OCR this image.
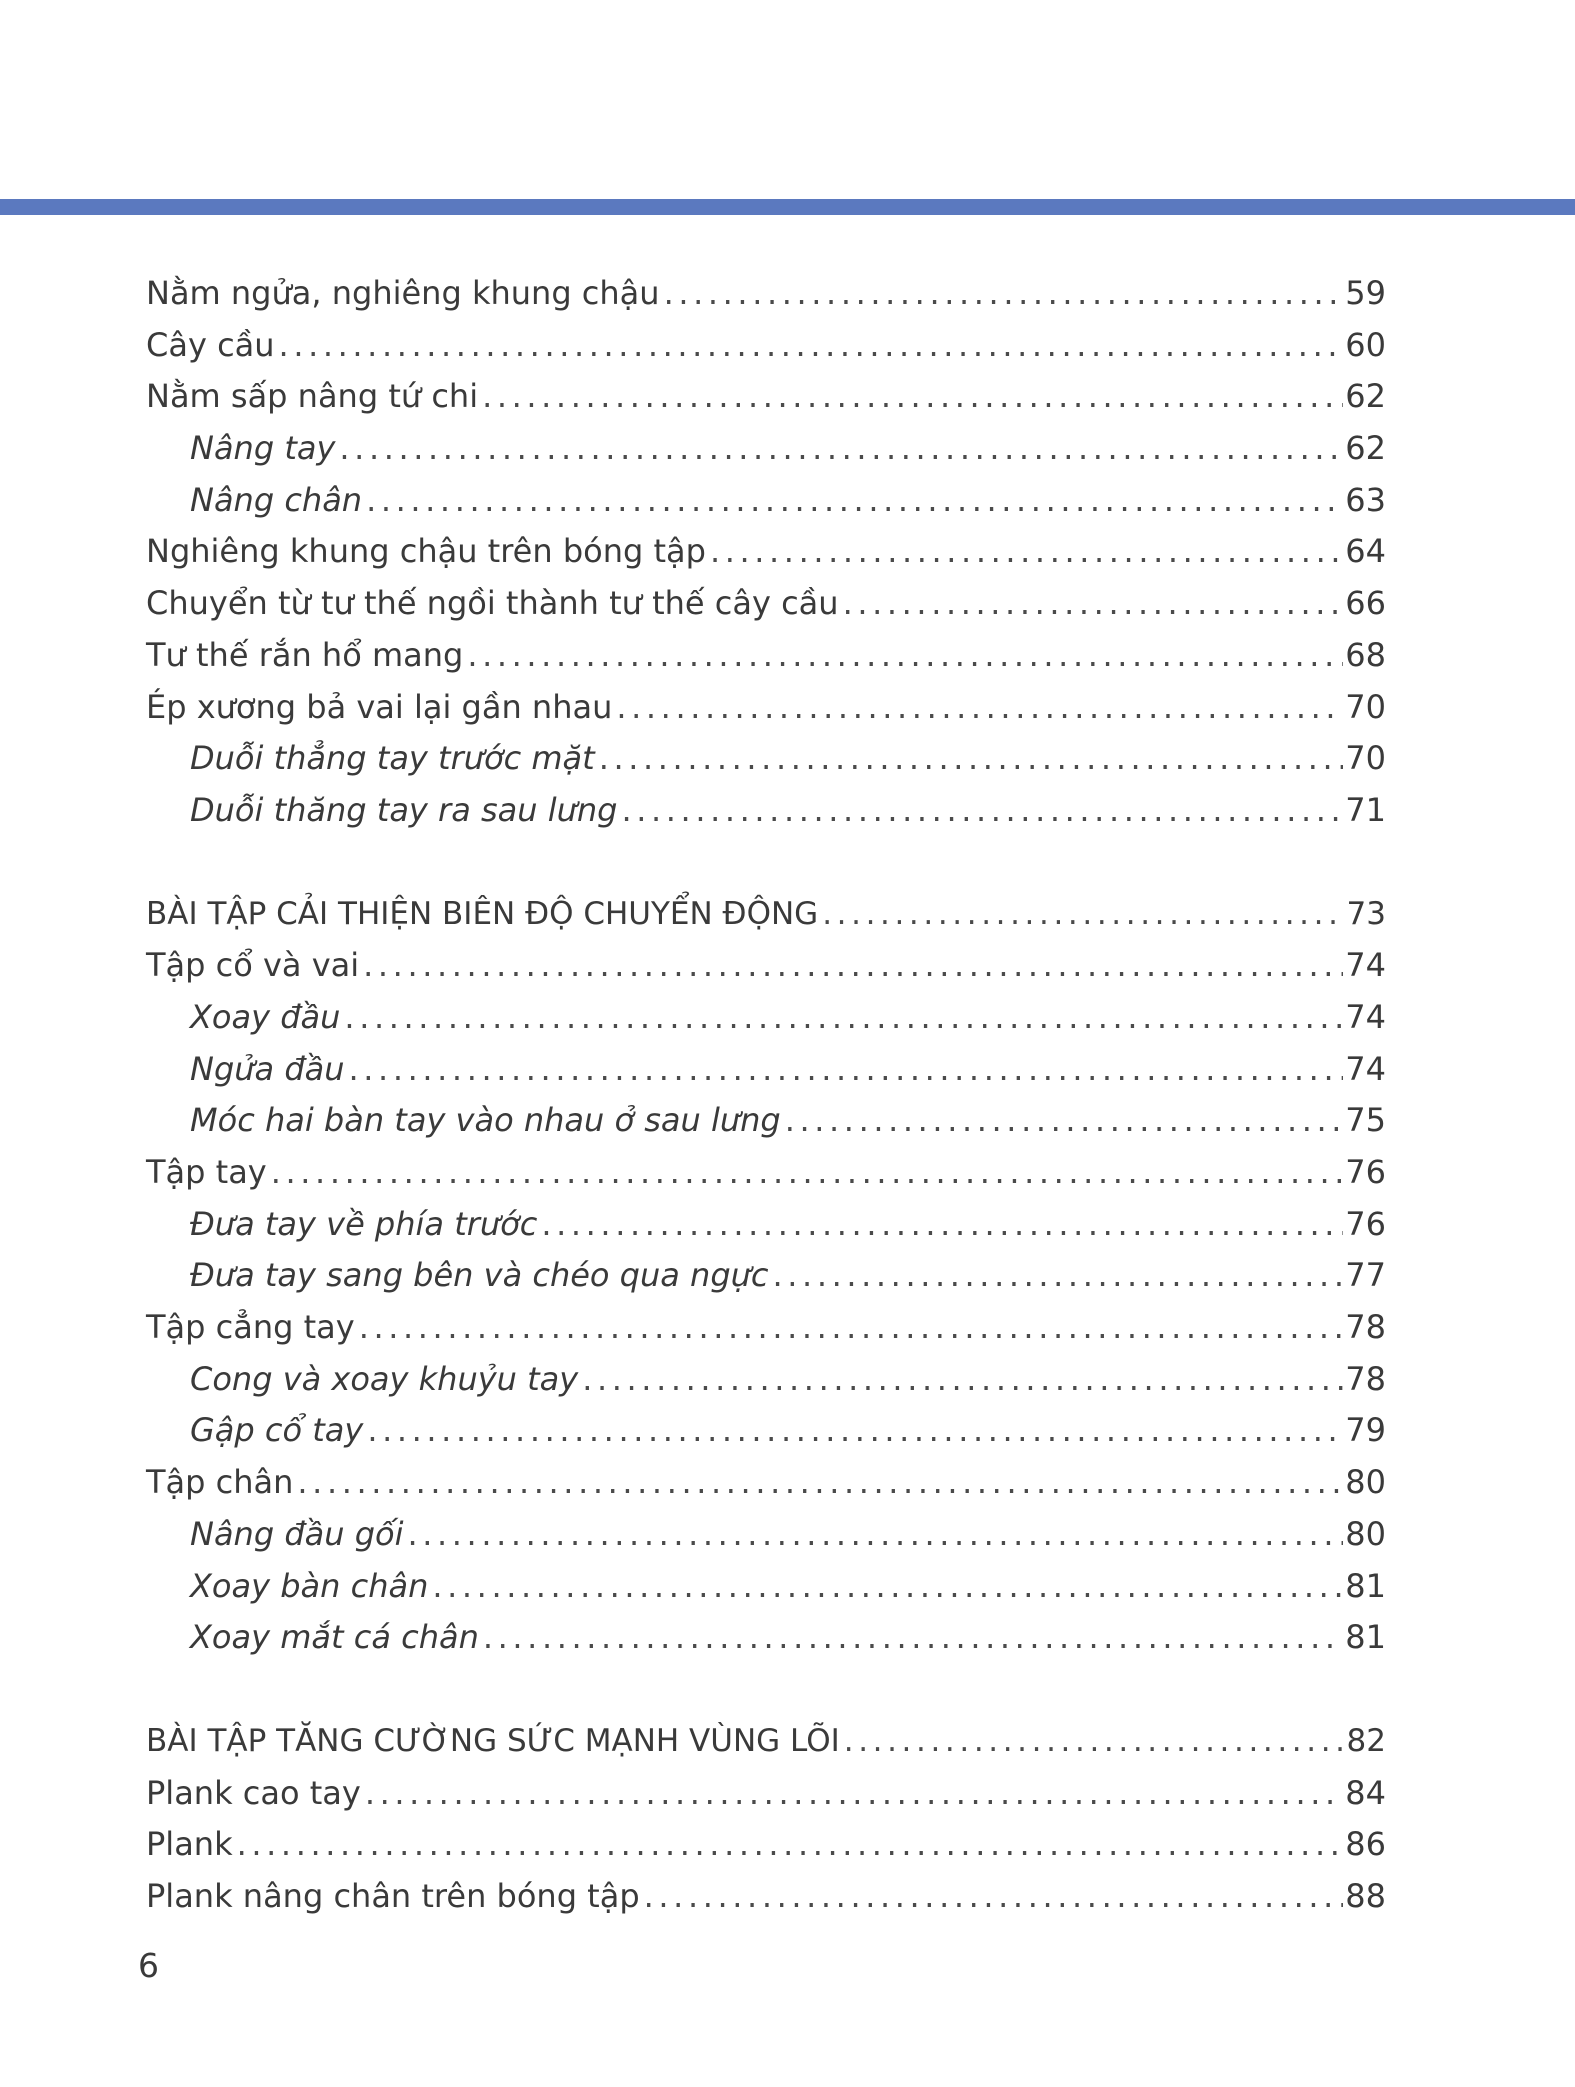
Nằm ngửa, nghiêng khung chậu .....	59
Cây cầu .....	60
Nằm sấp nâng tứ chi .....	62
Nâng tay .....	62
Nâng chân .....	63
Nghiêng khung chậu trên bóng tập .....	64
Chuyển từ tư thế ngồi thành tư thế cây cầu .....	66
Tư thế rắn hổ mang .....	68
Ép xương bả vai lại gần nhau .....	70
Duỗi thẳng tay trước mặt .....	70
Duỗi thăng tay ra sau lưng .....	71
BÀI TẬP CẢI THIỆN BIÊN ĐỘ CHUYỂN ĐỘNG .....	73
Tập cổ và vai .....	74
Xoay đầu .....	74
Ngửa đầu .....	74
Móc hai bàn tay vào nhau ở sau lưng .....	75
Tập tay .....	76
Đưa tay về phía trước .....	76
Đưa tay sang bên và chéo qua ngực .....	77
Tập cẳng tay .....	78
Cong và xoay khuỷu tay .....	78
Gập cổ tay .....	79
Tập chân .....	80
Nâng đầu gối .....	80
Xoay bàn chân .....	81
Xoay mắt cá chân .....	81
BÀI TẬP TĂNG CƯỜNG SỨC MẠNH VÙNG LÕI .....	82
Plank cao tay .....	84
Plank .....	86
Plank nâng chân trên bóng tập .....	88
6
